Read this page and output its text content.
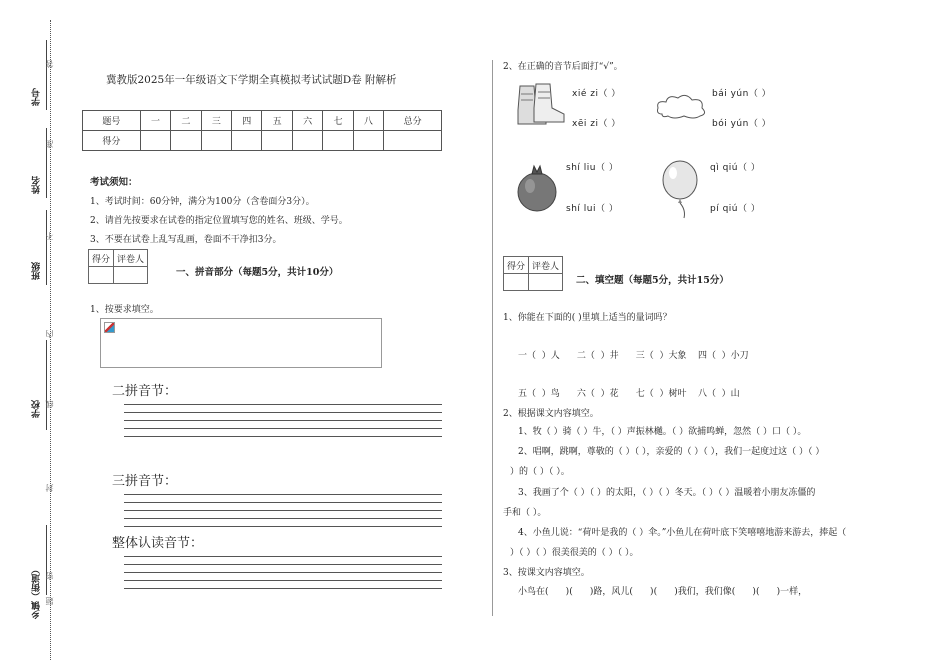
学号
姓名
班级
学校
乡镇（街道）
答
准
不
内
线
封
密
题
冀教版2025年一年级语文下学期全真模拟考试试题D卷 附解析
题号	一	二	三	四	五	六	七	八	总分
得分									
考试须知：
1、考试时间：60分钟，满分为100分（含卷面分3分）。
2、请首先按要求在试卷的指定位置填写您的姓名、班级、学号。
3、不要在试卷上乱写乱画，卷面不干净扣3分。
得分	评卷人

一、拼音部分（每题5分，共计10分）
1、按要求填空。
二拼音节：
三拼音节：
整体认读音节：
2、在正确的音节后面打“√”。
xié zi（ ）
xēi zi（ ）
bái yún（ ）
bói yún（ ）
shí liu（ ）
shí lui（ ）
qì qiú（ ）
pí qiú（ ）
得分	评卷人

二、填空题（每题5分，共计15分）
1、你能在下面的( )里填上适当的量词吗？
一（  ）人      二（  ）井      三（  ）大象    四（  ）小刀
五（  ）鸟      六（  ）花      七（  ）树叶    八（  ）山
2、根据课文内容填空。
1、牧（ ）骑（ ）牛，（ ）声振林樾。（ ）欲捕鸣蝉，忽然（ ）口（ ）。
2、唱啊，跳啊，尊敬的（ ）（ ），亲爱的（ ）（ ），我们一起度过这（ ）（ ）
）的（ ）（ ）。
3、我画了个（ ）（ ）的太阳，（ ）（ ）冬天。（ ）（ ）温暖着小朋友冻僵的
手和（ ）。
4、小鱼儿说：“荷叶是我的（ ）伞。”小鱼儿在荷叶底下笑嘻嘻地游来游去，捧起（
）（ ）（ ）很美很美的（ ）（ ）。
3、按课文内容填空。
小鸟在(      )(      )路，风儿(      )(      )我们，我们像(      )(      )一样，
